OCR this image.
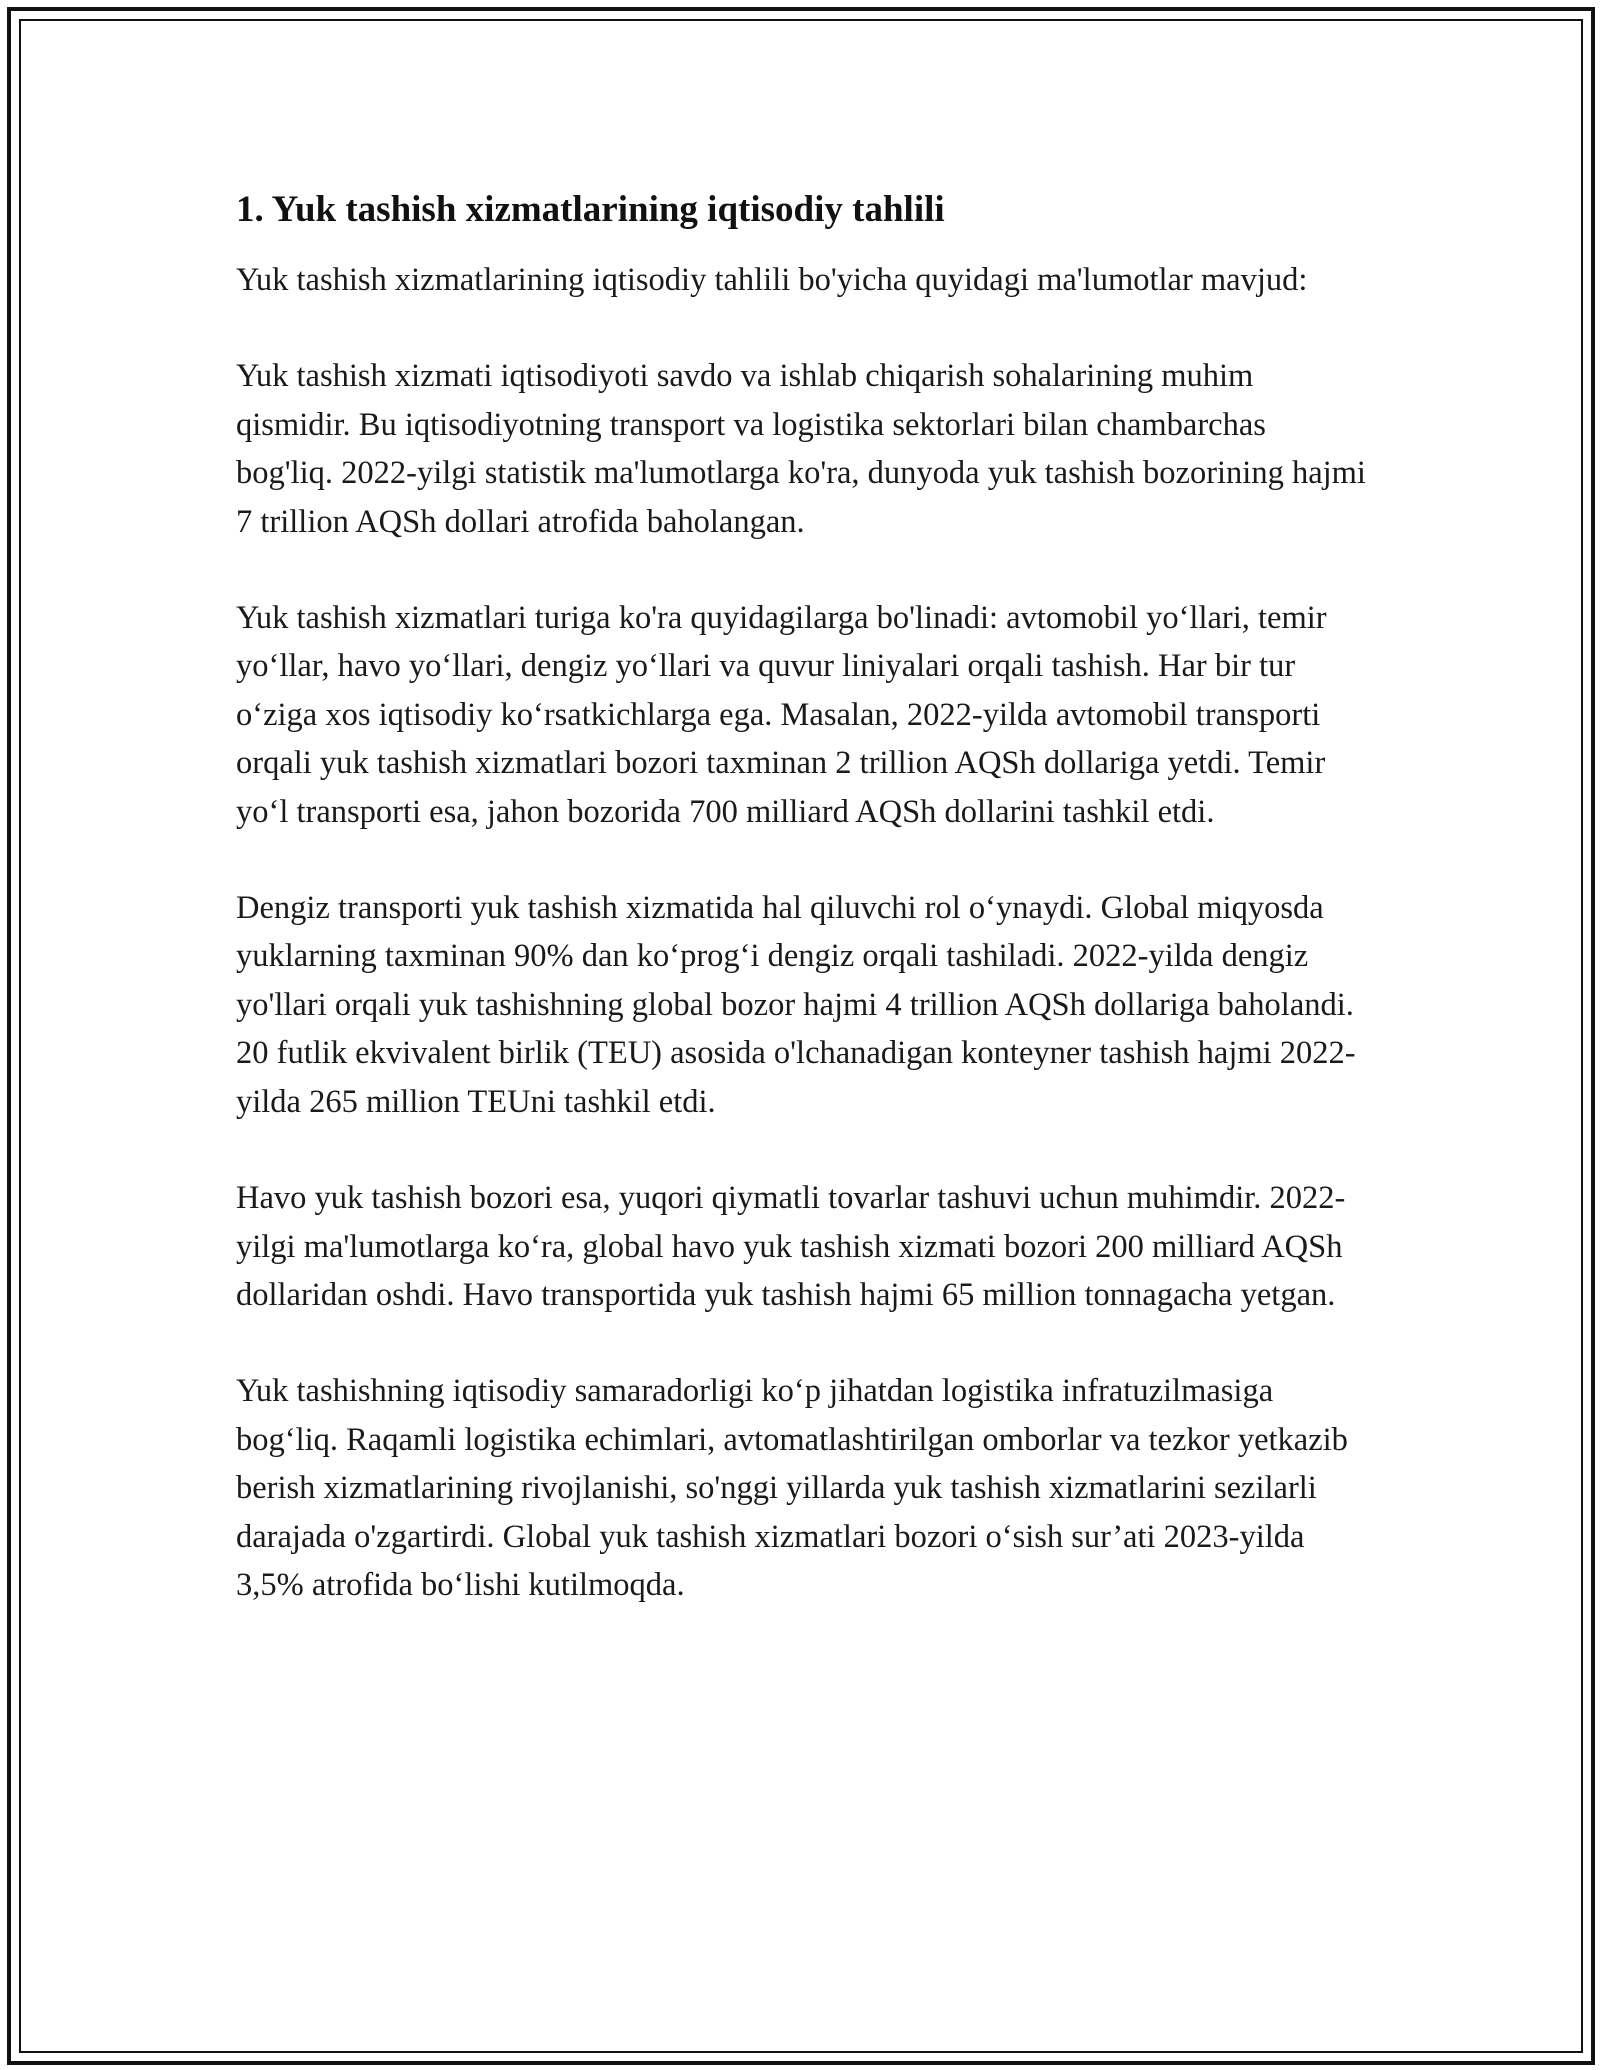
1. Yuk tashish xizmatlarining iqtisodiy tahlili

Yuk tashish xizmatlarining iqtisodiy tahlili bo'yicha quyidagi ma'lumotlar mavjud:

Yuk tashish xizmati iqtisodiyoti savdo va ishlab chiqarish sohalarining muhim qismidir. Bu iqtisodiyotning transport va logistika sektorlari bilan chambarchas bog'liq. 2022-yilgi statistik ma'lumotlarga ko'ra, dunyoda yuk tashish bozorining hajmi 7 trillion AQSh dollari atrofida baholangan.

Yuk tashish xizmatlari turiga ko'ra quyidagilarga bo'linadi: avtomobil yo‘llari, temir yo‘llar, havo yo‘llari, dengiz yo‘llari va quvur liniyalari orqali tashish. Har bir tur o‘ziga xos iqtisodiy ko‘rsatkichlarga ega. Masalan, 2022-yilda avtomobil transporti orqali yuk tashish xizmatlari bozori taxminan 2 trillion AQSh dollariga yetdi. Temir yo‘l transporti esa, jahon bozorida 700 milliard AQSh dollarini tashkil etdi.

Dengiz transporti yuk tashish xizmatida hal qiluvchi rol o‘ynaydi. Global miqyosda yuklarning taxminan 90% dan ko‘prog‘i dengiz orqali tashiladi. 2022-yilda dengiz yo'llari orqali yuk tashishning global bozor hajmi 4 trillion AQSh dollariga baholandi. 20 futlik ekvivalent birlik (TEU) asosida o'lchanadigan konteyner tashish hajmi 2022-yilda 265 million TEUni tashkil etdi.

Havo yuk tashish bozori esa, yuqori qiymatli tovarlar tashuvi uchun muhimdir. 2022-yilgi ma'lumotlarga ko‘ra, global havo yuk tashish xizmati bozori 200 milliard AQSh dollaridan oshdi. Havo transportida yuk tashish hajmi 65 million tonnagacha yetgan.

Yuk tashishning iqtisodiy samaradorligi ko‘p jihatdan logistika infratuzilmasiga bog‘liq. Raqamli logistika echimlari, avtomatlashtirilgan omborlar va tezkor yetkazib berish xizmatlarining rivojlanishi, so'nggi yillarda yuk tashish xizmatlarini sezilarli darajada o'zgartirdi. Global yuk tashish xizmatlari bozori o‘sish sur’ati 2023-yilda 3,5% atrofida bo‘lishi kutilmoqda.
